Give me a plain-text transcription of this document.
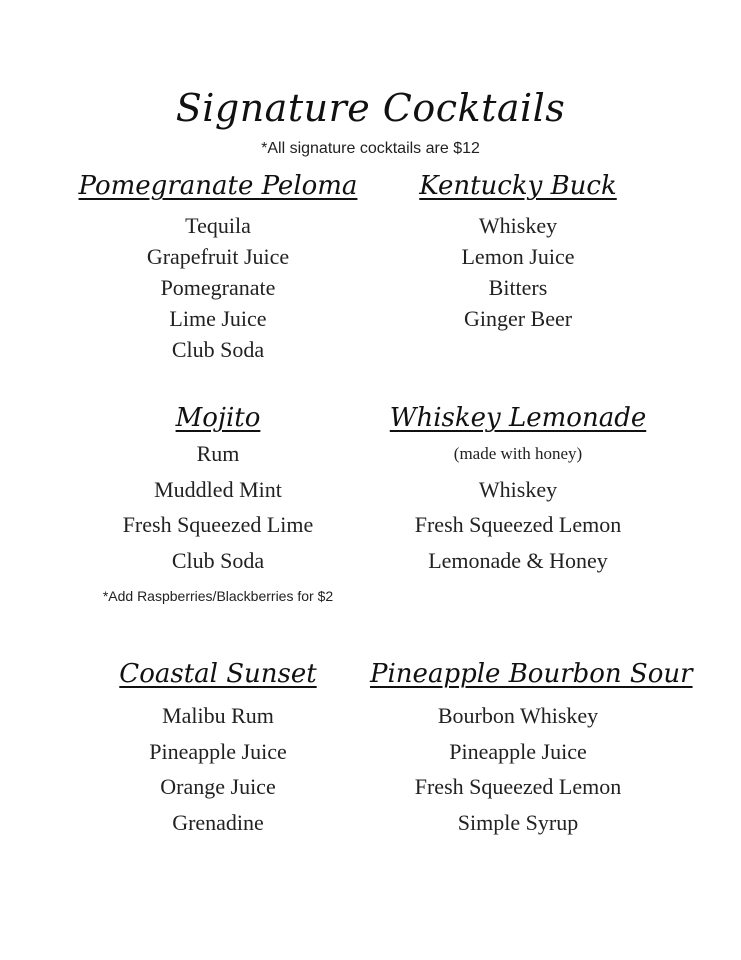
Signature Cocktails
*All signature cocktails are $12
Pomegranate Peloma
Tequila
Grapefruit Juice
Pomegranate
Lime Juice
Club Soda
Kentucky Buck
Whiskey
Lemon Juice
Bitters
Ginger Beer
Mojito
Rum
Muddled Mint
Fresh Squeezed Lime
Club Soda
Whiskey Lemonade
(made with honey)
Whiskey
Fresh Squeezed Lemon
Lemonade & Honey
*Add Raspberries/Blackberries for $2
Coastal Sunset
Malibu Rum
Pineapple Juice
Orange Juice
Grenadine
Pineapple Bourbon Sour
Bourbon Whiskey
Pineapple Juice
Fresh Squeezed Lemon
Simple Syrup
